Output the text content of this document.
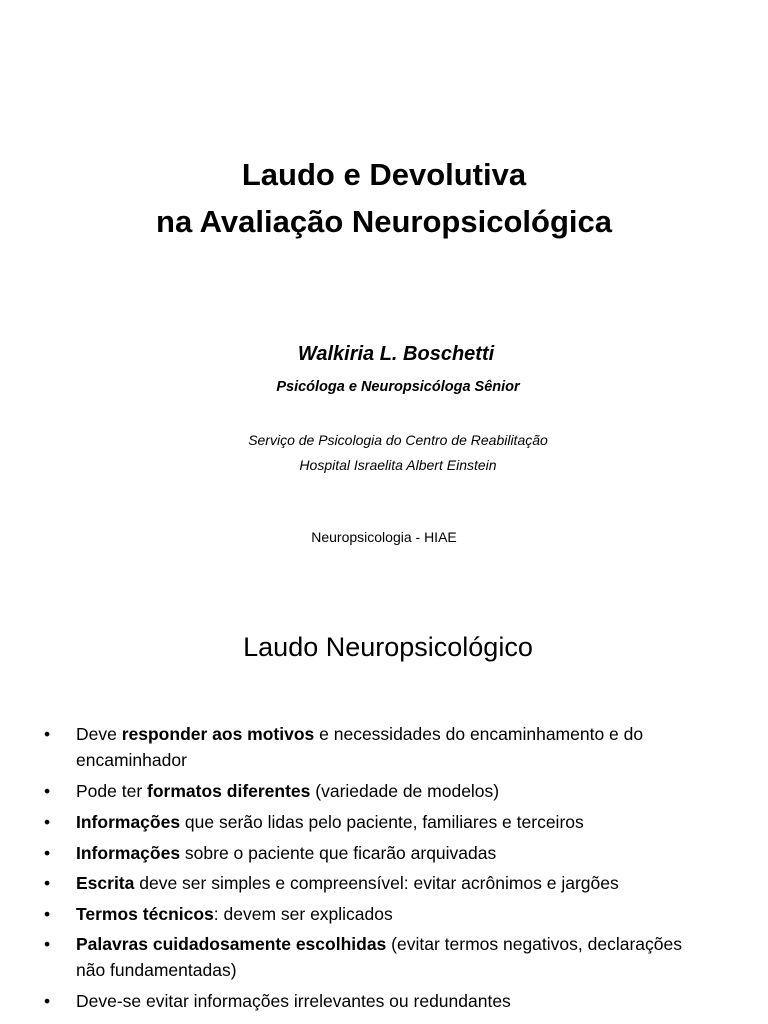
Laudo e Devolutiva
na Avaliação Neuropsicológica
Walkiria L. Boschetti
Psicóloga e Neuropsicóloga Sênior
Serviço de Psicologia do Centro de Reabilitação
Hospital Israelita Albert Einstein
Neuropsicologia - HIAE
Laudo Neuropsicológico
•	Deve responder aos motivos e necessidades do encaminhamento e do encaminhador
•	Pode ter formatos diferentes (variedade de modelos)
•	Informações que serão lidas pelo paciente, familiares e terceiros
•	Informações sobre o paciente que ficarão arquivadas
•	Escrita deve ser simples e compreensível: evitar acrônimos e jargões
•	Termos técnicos: devem ser explicados
•	Palavras cuidadosamente escolhidas (evitar termos negativos, declarações não fundamentadas)
•	Deve-se evitar informações irrelevantes ou redundantes
